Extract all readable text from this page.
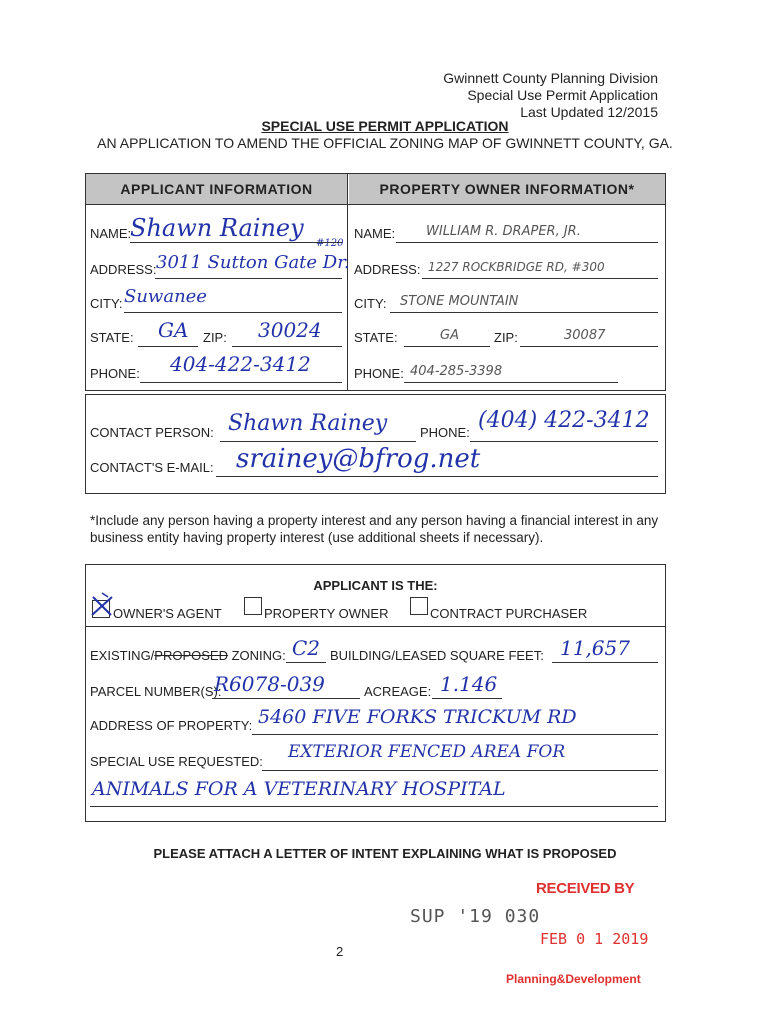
Gwinnett County Planning Division
Special Use Permit Application
Last Updated 12/2015
SPECIAL USE PERMIT APPLICATION
AN APPLICATION TO AMEND THE OFFICIAL ZONING MAP OF GWINNETT COUNTY, GA.
APPLICANT INFORMATION	PROPERTY OWNER INFORMATION*
NAME:
Shawn Rainey
#120
ADDRESS: 3011 Sutton Gate Dr.
CITY: Suwanee
STATE: GA ZIP: 30024
PHONE: 404-422-3412
NAME: WILLIAM R. DRAPER, JR.
ADDRESS: 1227 ROCKBRIDGE RD, #300
CITY: STONE MOUNTAIN
STATE:	GA	ZIP:	30087
PHONE: 404-285-3398
CONTACT PERSON: Shawn Rainey	PHONE: (404) 422-3412
CONTACT'S E-MAIL: srainey@bfrog.net
*Include any person having a property interest and any person having a financial interest in any business entity having property interest (use additional sheets if necessary).
APPLICANT IS THE:
OWNER'S AGENT	PROPERTY OWNER	CONTRACT PURCHASER
EXISTING/PROPOSED ZONING: C2 BUILDING/LEASED SQUARE FEET: 11,657
PARCEL NUMBER(S):
R6078-039	ACREAGE: 1.146
ADDRESS OF PROPERTY: 5460 FIVE FORKS TRICKUM RD
SPECIAL USE REQUESTED: EXTERIOR FENCED AREA FOR
ANIMALS FOR A VETERINARY HOSPITAL
PLEASE ATTACH A LETTER OF INTENT EXPLAINING WHAT IS PROPOSED
RECEIVED BY
SUP '19 030
FEB 0 1 2019
2
Planning&Development
